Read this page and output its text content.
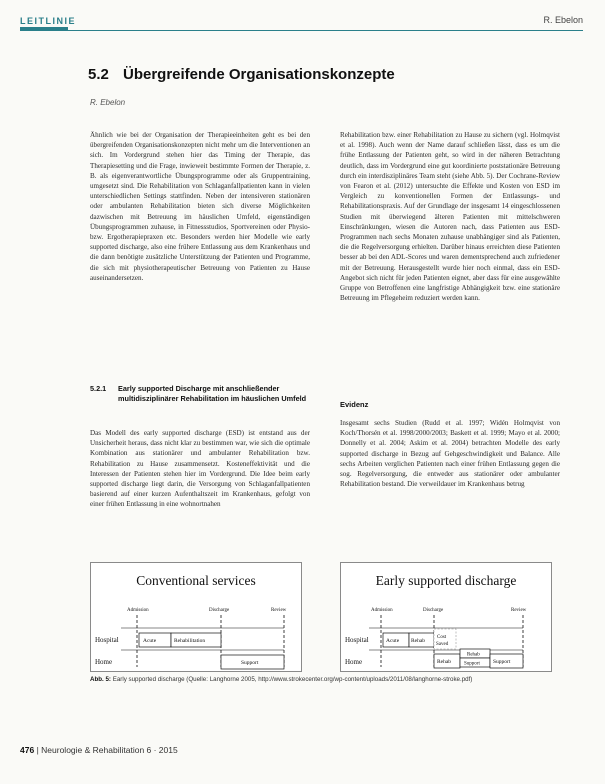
LEITLINIE	R. Ebelon
5.2 Übergreifende Organisationskonzepte
R. Ebelon

Ähnlich wie bei der Organisation der Therapieeinheiten geht es bei den übergreifenden Organisationskonzepten nicht mehr um die Interventionen an sich. Im Vordergrund stehen hier das Timing der Therapie, das Therapiesetting und die Frage, inwieweit bestimmte Formen der Therapie, z. B. als eigenverantwortliche Übungsprogramme oder als Gruppentraining, umgesetzt sind. Die Rehabilitation von Schlaganfallpatienten kann in vielen unterschiedlichen Settings stattfinden. Neben der intensiveren stationären oder ambulanten Rehabilitation bieten sich diverse Möglichkeiten dazwischen mit Betreuung im häuslichen Umfeld, eigenständigen Übungsprogrammen zuhause, in Fitnessstudios, Sportvereinen oder Physio- bzw. Ergotherapiepraxen etc. Besonders werden hier Modelle wie early supported discharge, also eine frühere Entlassung aus dem Krankenhaus und die dann benötigte zusätzliche Unterstützung der Patienten und Programme, die sich mit physiotherapeutischer Betreuung von Patienten zu Hause auseinandersetzen.

Rehabilitation bzw. einer Rehabilitation zu Hause zu sichern (vgl. Holmqvist et al. 1998). Auch wenn der Name darauf schließen lässt, dass es um die frühe Entlassung der Patienten geht, so wird in der näheren Betrachtung deutlich, dass im Vordergrund eine gut koordinierte poststationäre Betreuung durch ein interdisziplinäres Team steht (siehe Abb. 5). Der Cochrane-Review von Fearon et al. (2012) untersuchte die Effekte und Kosten von ESD im Vergleich zu konventionellen Formen der Entlassungs- und Rehabilitationspraxis. Auf der Grundlage der insgesamt 14 eingeschlossenen Studien mit überwiegend älteren Patienten mit mittelschweren Einschränkungen, wiesen die Autoren nach, dass Patienten aus ESD-Programmen nach sechs Monaten zuhause unabhängiger sind als Patienten, die die Regelversorgung erhielten. Darüber hinaus erreichten diese Patienten besser ab bei den ADL-Scores und waren dementsprechend auch zufriedener mit der Betreuung. Herausgestellt wurde hier noch einmal, dass ein ESD-Angebot sich nicht für jeden Patienten eignet, aber dass für eine ausgewählte Gruppe von Betroffenen eine langfristige Abhängigkeit bzw. eine stationäre Betreuung im Pflegeheim reduziert werden kann.

5.2.1 Early supported Discharge mit anschließender multidisziplinärer Rehabilitation im häuslichen Umfeld

Das Modell des early supported discharge (ESD) ist entstand aus der Unsicherheit heraus, dass nicht klar zu bestimmen war, wie sich die optimale Kombination aus stationärer und ambulanter Rehabilitation bzw. Rehabilitation zu Hause zusammensetzt. Kosteneffektivität und die Interessen der Patienten stehen hier im Vordergrund. Die Idee beim early supported discharge liegt darin, die Versorgung von Schlaganfallpatienten basierend auf einer kurzen Aufenthaltszeit im Krankenhaus, gefolgt von einer frühen Entlassung in eine wohnortnahen

Evidenz

Insgesamt sechs Studien (Rudd et al. 1997; Widén Holmqvist von Koch/Thorsén et al. 1998/2000/2003; Baskett et al. 1999; Mayo et al. 2000; Donnelly et al. 2004; Askim et al. 2004) betrachten Modelle des early supported discharge in Bezug auf Gehgeschwindigkeit und Balance. Alle sechs Arbeiten verglichen Patienten nach einer frühen Entlassung gegen die sog. Regelversorgung, die entweder aus stationärer oder ambulanter Rehabilitation bestand. Die verweildauer im Krankenhaus betrug

Conventional services
Admission	Discharge	Review
Hospital
Home
Acute	Rehabilitation
Support
Early supported discharge
Admission	Discharge	Review
Hospital
Home
Acute Rehab
Cost
Saved
Rehab
Rehab
Support Support
Abb. 5: Early supported discharge (Quelle: Langhorne 2005, http://www.strokecenter.org/wp-content/uploads/2011/08/langhorne-stroke.pdf)
476 | Neurologie & Rehabilitation 6 · 2015
